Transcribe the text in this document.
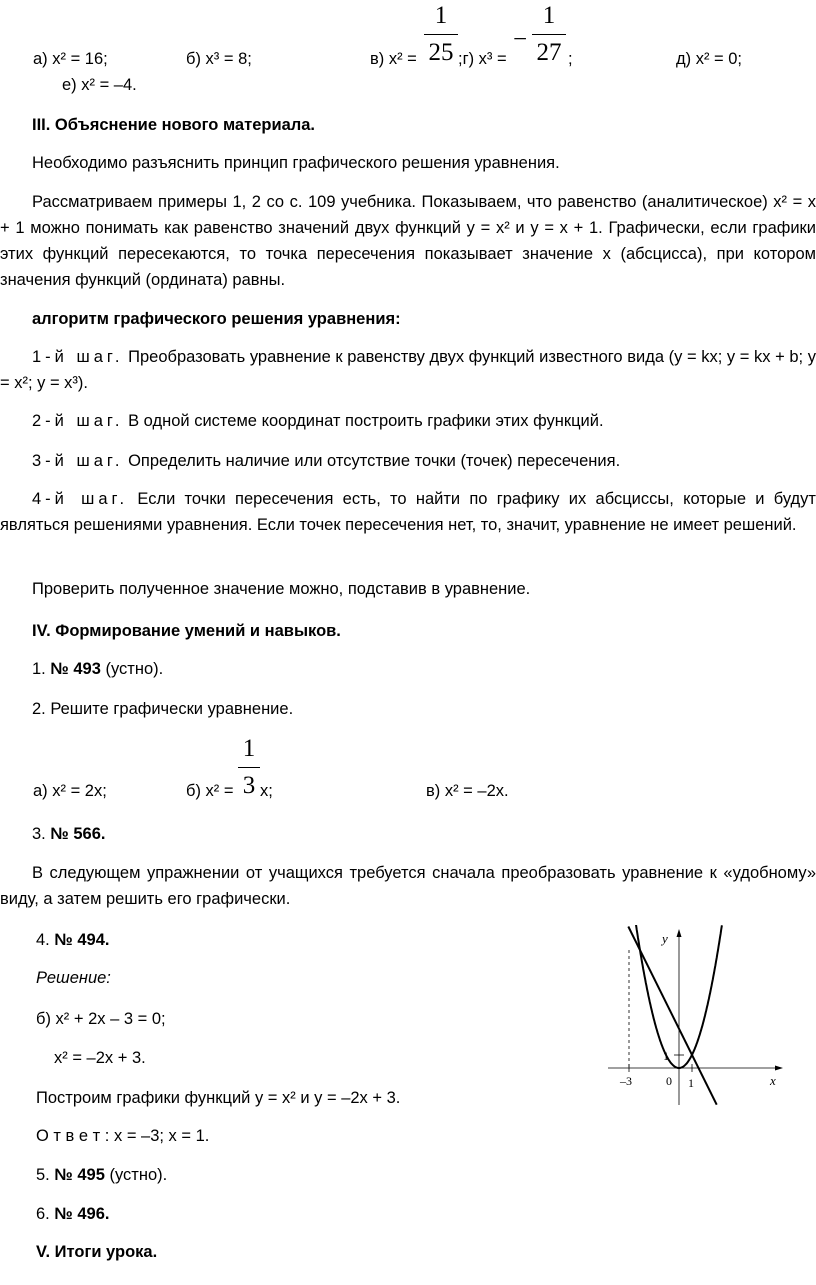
а) x² = 16;	б) x³ = 8;	в) x² =
1
25 ;г) x³ =
−
1
27 ;	д) x² = 0;
е) x² = –4.
III. Объяснение нового материала.
Необходимо разъяснить принцип графического решения уравнения.
Рассматриваем примеры 1, 2 со с. 109 учебника. Показываем, что равенство (аналитическое) x² = x + 1 можно понимать как равенство значений двух функций y = x² и y = x + 1. Графически, если графики этих функций пересекаются, то точка пересечения показывает значение x (абсцисса), при котором значения функций (ордината) равны.
алгоритм графического решения уравнения:
1-й шаг. Преобразовать уравнение к равенству двух функций известного вида (y = kx; y = kx + b; y = x²; y = x³).
2-й шаг. В одной системе координат построить графики этих функций.
3-й шаг. Определить наличие или отсутствие точки (точек) пересечения.
4-й шаг. Если точки пересечения есть, то найти по графику их абсциссы, которые и будут являться решениями уравнения. Если точек пересечения нет, то, значит, уравнение не имеет решений.
Проверить полученное значение можно, подставив в уравнение.
IV. Формирование умений и навыков.
1. № 493 (устно).
2. Решите графически уравнение.
а) x² = 2x;	б) x² =
1
3 x;	в) x² = –2x.
3. № 566.
В следующем упражнении от учащихся требуется сначала преобразовать уравнение к «удобному» виду, а затем решить его графически.
4. № 494.
Решение:
б) x² + 2x – 3 = 0;
x² = –2x + 3.
Построим графики функций y = x² и y = –2x + 3.
О т в е т : x = –3; x = 1.
5. № 495 (устно).
6. № 496.
V. Итоги урока.
y
x
1
–3	0 1
